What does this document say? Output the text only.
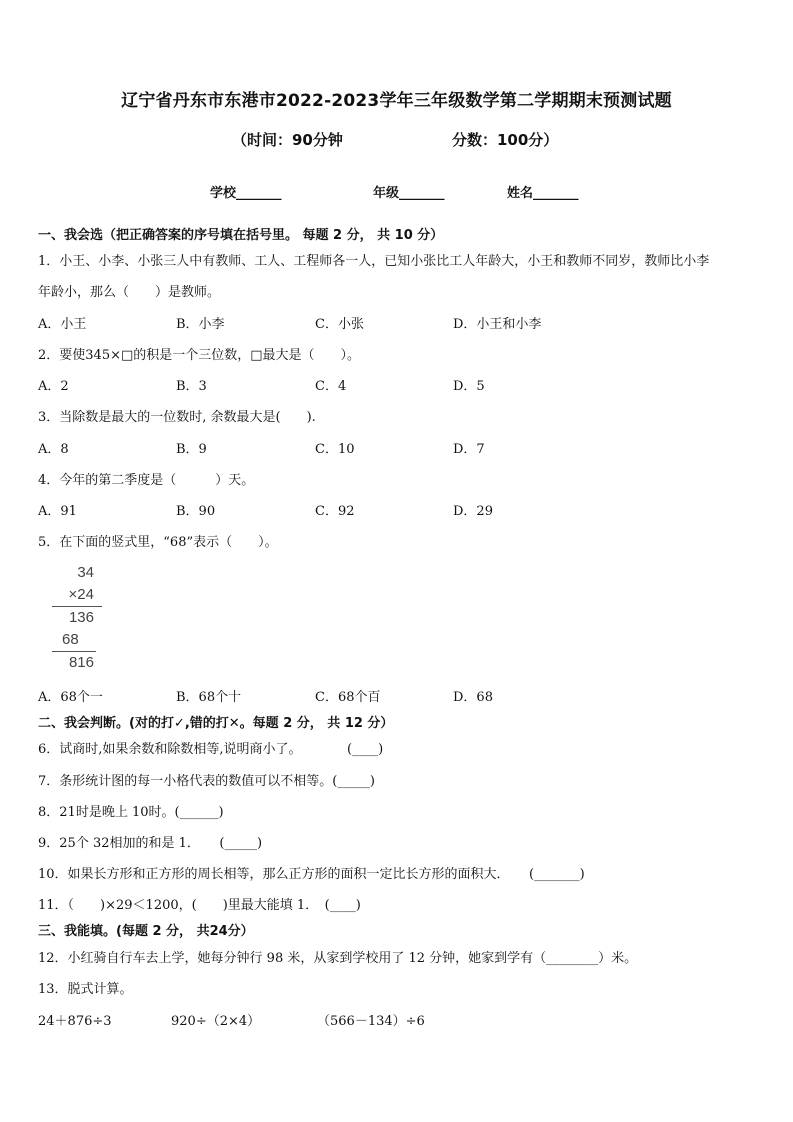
辽宁省丹东市东港市2022-2023学年三年级数学第二学期期末预测试题
（时间：90分钟	分数：100分）
学校_______	年级_______	姓名_______
一、我会选（把正确答案的序号填在括号里。 每题 2 分， 共 10 分）
1．小王、小李、小张三人中有教师、工人、工程师各一人，已知小张比工人年龄大，小王和教师不同岁，教师比小李
年龄小，那么（　　）是教师。
A．小王	B．小李	C．小张	D．小王和小李
2．要使345×□的积是一个三位数，□最大是（　　）。
A．2	B．3	C．4	D．5
3．当除数是最大的一位数时, 余数最大是(　　).
A．8	B．9	C．10	D．7
4．今年的第二季度是（　　　）天。
A．91	B．90	C．92	D．29
5．在下面的竖式里，“68”表示（　　）。
34
×24
136
68
816
A．68个一	B．68个十	C．68个百	D．68
二、我会判断。(对的打✓,错的打✕。每题 2 分， 共 12 分）
6．试商时,如果余数和除数相等,说明商小了。　　　　(____)
7．条形统计图的每一小格代表的数值可以不相等。(_____)
8．21时是晚上 10时。(______)
9．25个 32相加的和是 1．　　(_____)
10．如果长方形和正方形的周长相等，那么正方形的面积一定比长方形的面积大．　　(_______)
11．（　　)×29＜1200，(　　)里最大能填 1．　(____)
三、我能填。(每题 2 分， 共24分）
12．小红骑自行车去上学，她每分钟行 98 米，从家到学校用了 12 分钟，她家到学有（________）米。
13．脱式计算。
24＋876÷3	920÷（2×4）	（566－134）÷6
